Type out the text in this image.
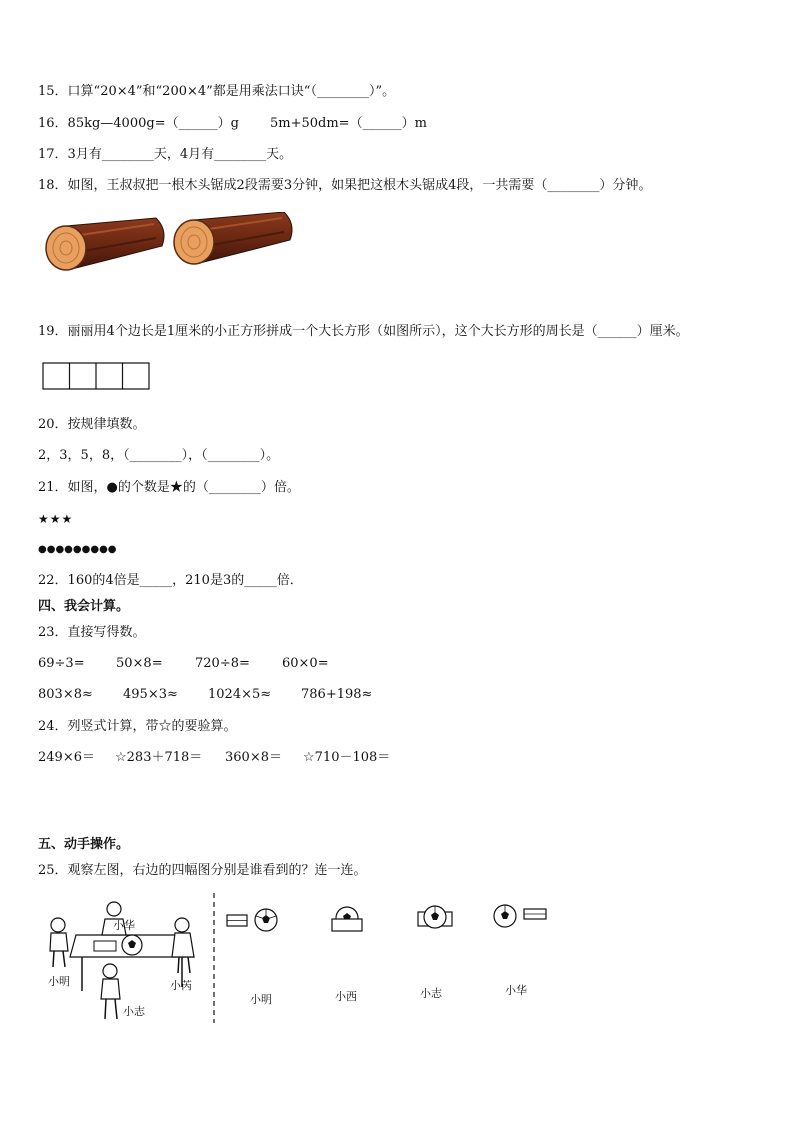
15．口算“20×4”和“200×4”都是用乘法口诀“（________）”。
16．85kg—4000g=（______）g 5m+50dm=（______）m
17．3月有________天，4月有________天。
18．如图，王叔叔把一根木头锯成2段需要3分钟，如果把这根木头锯成4段，一共需要（________）分钟。
19．丽丽用4个边长是1厘米的小正方形拼成一个大长方形（如图所示），这个大长方形的周长是（______）厘米。
20．按规律填数。
2，3，5，8，（________），（________）。
21．如图，●的个数是★的（________）倍。
★★★
●●●●●●●●●
22．160的4倍是_____，210是3的_____倍．
四、我会计算。
23．直接写得数。
69÷3= 50×8= 720÷8= 60×0=
803×8≈ 495×3≈ 1024×5≈ 786+198≈
24．列竖式计算，带☆的要验算。
249×6＝ ☆283＋718＝ 360×8＝ ☆710－108＝
五、动手操作。
25．观察左图，右边的四幅图分别是谁看到的？连一连。
小华
小明	小芮
小志
小明	小西	小志	小华
